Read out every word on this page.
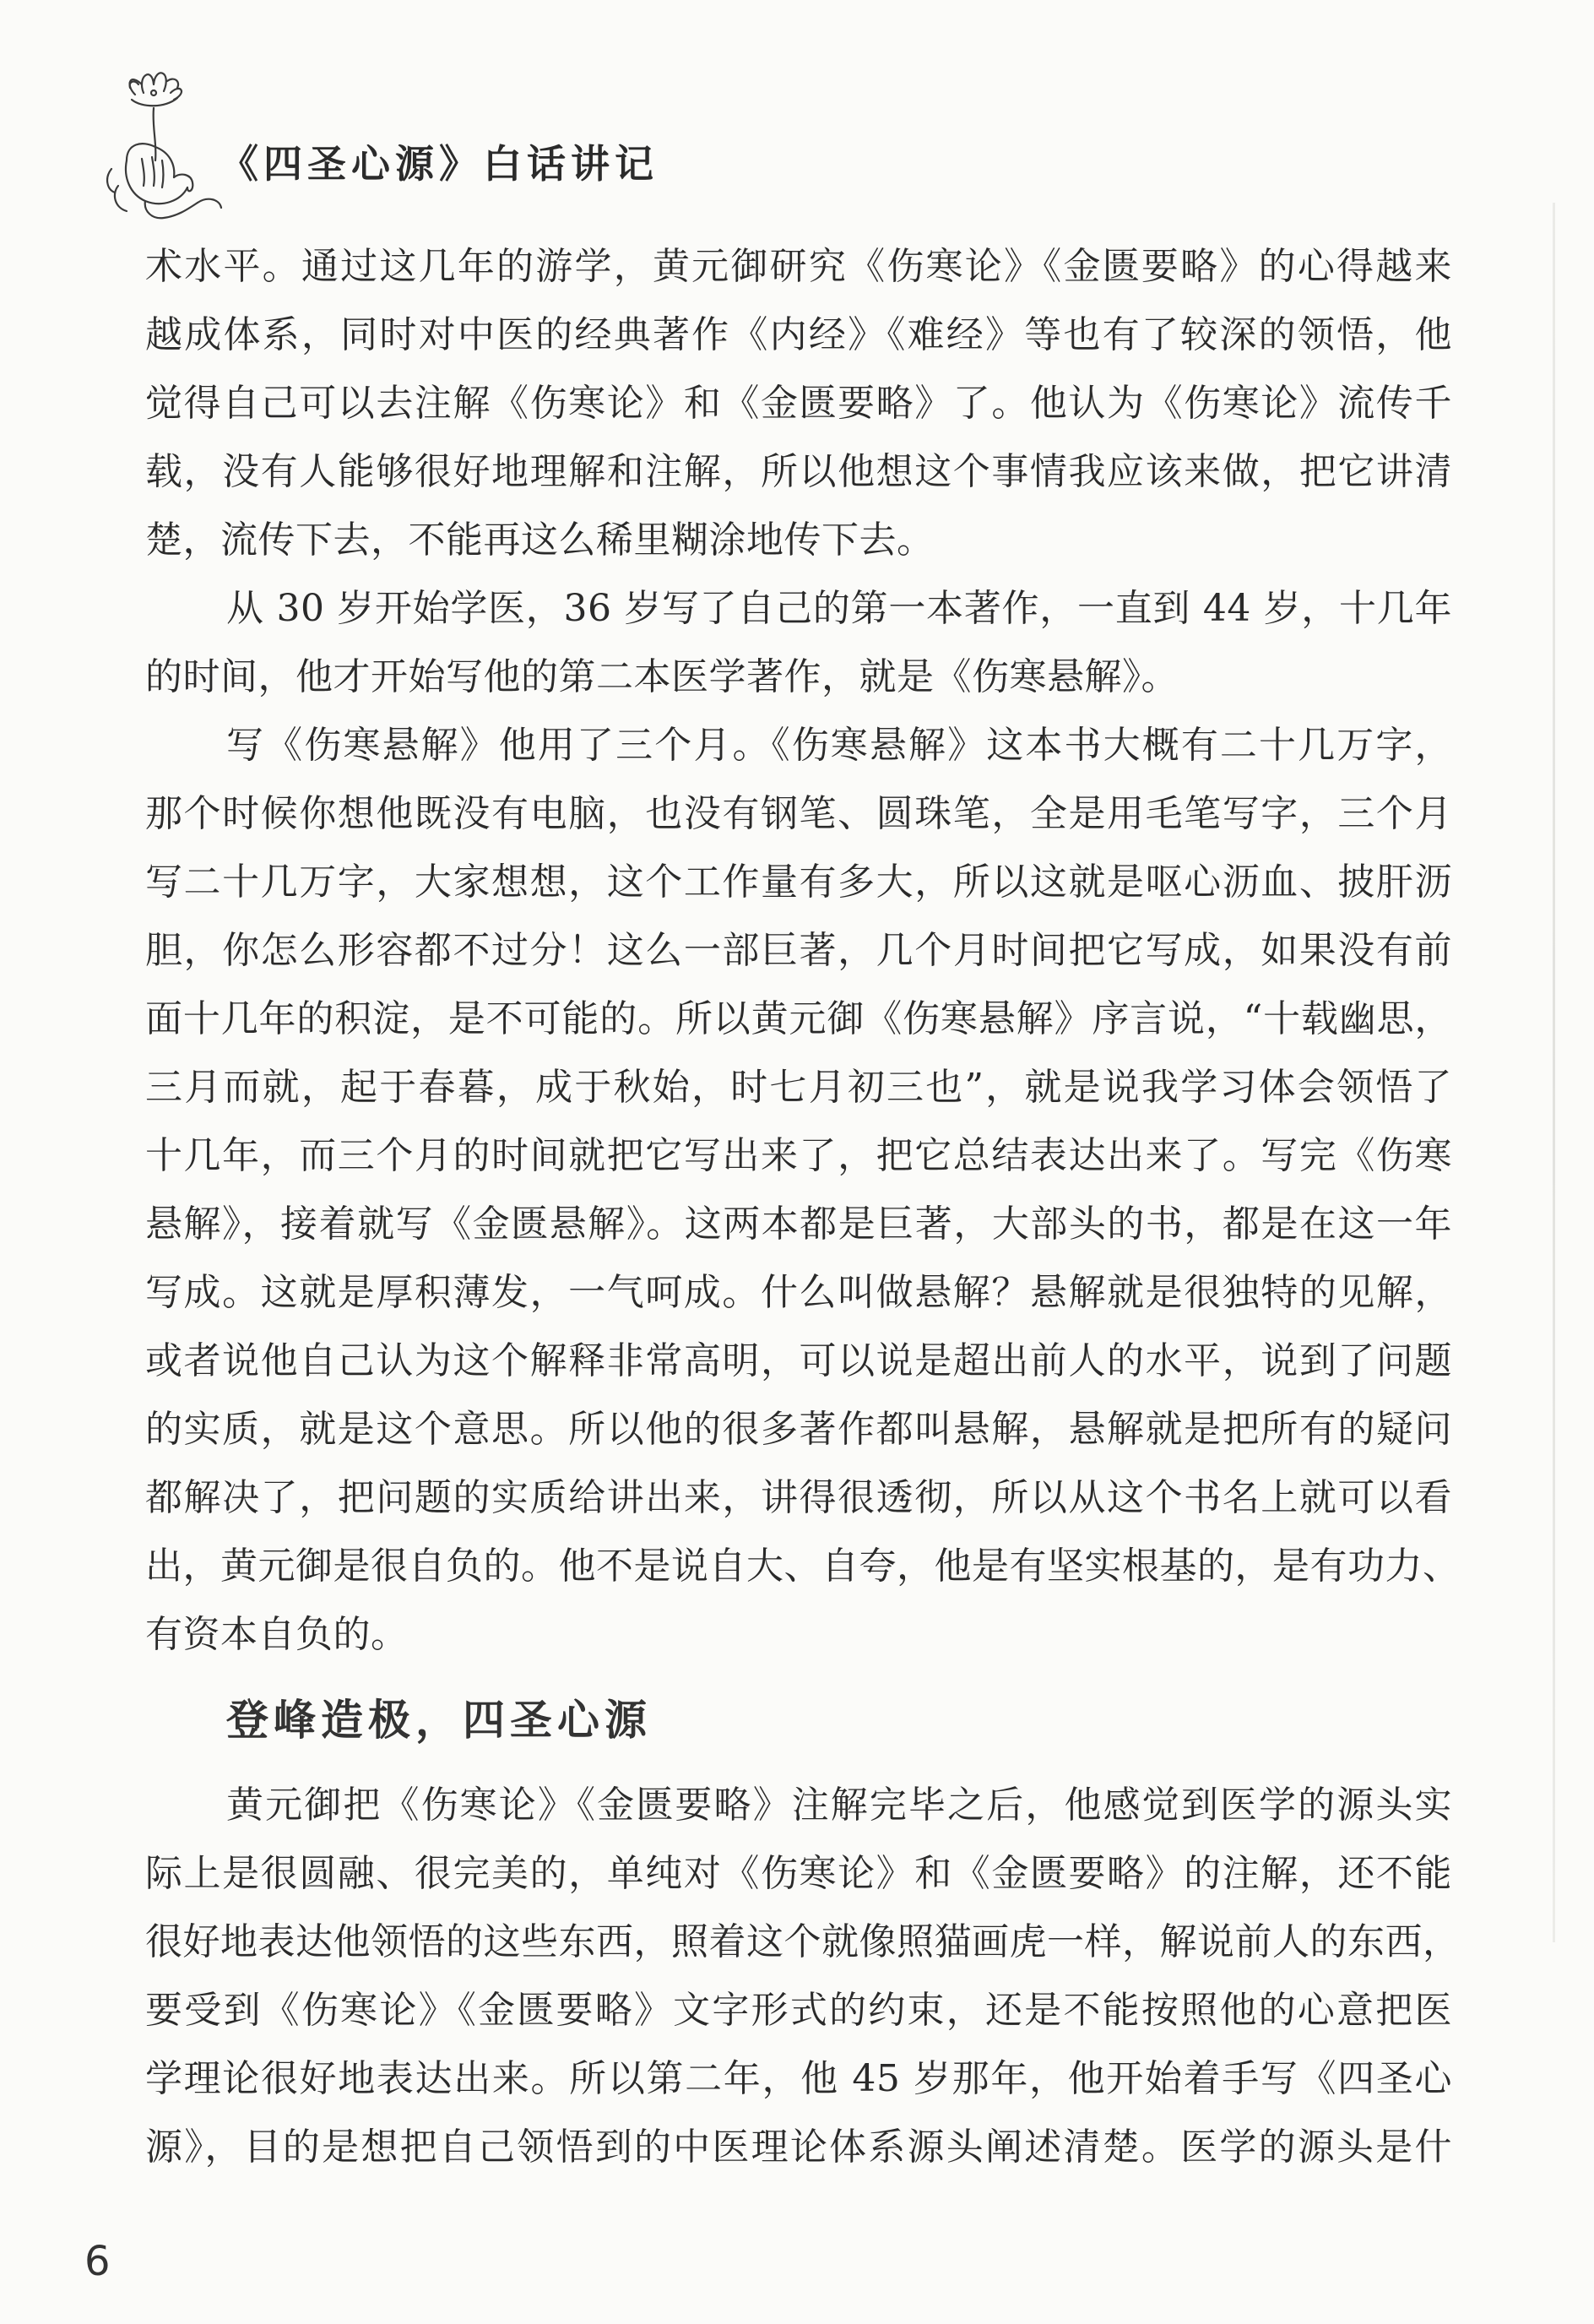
《四圣心源》白话讲记
术水平。通过这几年的游学，黄元御研究《伤寒论》《金匮要略》的心得越来
越成体系，同时对中医的经典著作《内经》《难经》等也有了较深的领悟，他
觉得自己可以去注解《伤寒论》和《金匮要略》了。他认为《伤寒论》流传千
载，没有人能够很好地理解和注解，所以他想这个事情我应该来做，把它讲清
楚，流传下去，不能再这么稀里糊涂地传下去。
从 30 岁开始学医，36 岁写了自己的第一本著作，一直到 44 岁，十几年
的时间，他才开始写他的第二本医学著作，就是《伤寒悬解》。
写《伤寒悬解》他用了三个月。《伤寒悬解》这本书大概有二十几万字，
那个时候你想他既没有电脑，也没有钢笔、圆珠笔，全是用毛笔写字，三个月
写二十几万字，大家想想，这个工作量有多大，所以这就是呕心沥血、披肝沥
胆，你怎么形容都不过分！这么一部巨著，几个月时间把它写成，如果没有前
面十几年的积淀，是不可能的。所以黄元御《伤寒悬解》序言说，“十载幽思，
三月而就，起于春暮，成于秋始，时七月初三也”，就是说我学习体会领悟了
十几年，而三个月的时间就把它写出来了，把它总结表达出来了。写完《伤寒
悬解》，接着就写《金匮悬解》。这两本都是巨著，大部头的书，都是在这一年
写成。这就是厚积薄发，一气呵成。什么叫做悬解？悬解就是很独特的见解，
或者说他自己认为这个解释非常高明，可以说是超出前人的水平，说到了问题
的实质，就是这个意思。所以他的很多著作都叫悬解，悬解就是把所有的疑问
都解决了，把问题的实质给讲出来，讲得很透彻，所以从这个书名上就可以看
出，黄元御是很自负的。他不是说自大、自夸，他是有坚实根基的，是有功力、
有资本自负的。
登峰造极，四圣心源
黄元御把《伤寒论》《金匮要略》注解完毕之后，他感觉到医学的源头实
际上是很圆融、很完美的，单纯对《伤寒论》和《金匮要略》的注解，还不能
很好地表达他领悟的这些东西，照着这个就像照猫画虎一样，解说前人的东西，
要受到《伤寒论》《金匮要略》文字形式的约束，还是不能按照他的心意把医
学理论很好地表达出来。所以第二年，他 45 岁那年，他开始着手写《四圣心
源》，目的是想把自己领悟到的中医理论体系源头阐述清楚。医学的源头是什
6
